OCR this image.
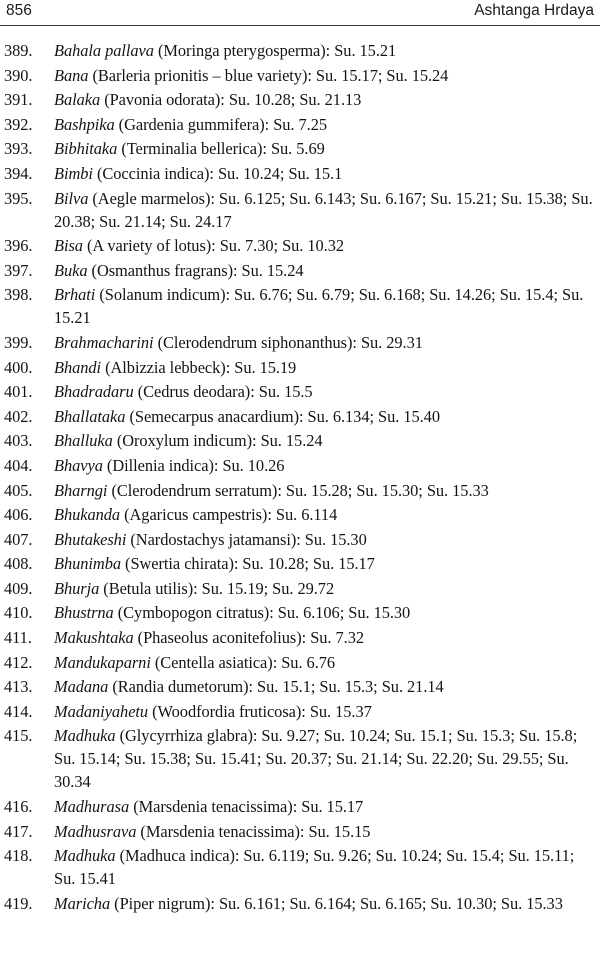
856	Ashtanga Hrdaya
389.	Bahala pallava (Moringa pterygosperma): Su. 15.21
390.	Bana (Barleria prionitis – blue variety): Su. 15.17; Su. 15.24
391.	Balaka (Pavonia odorata): Su. 10.28; Su. 21.13
392.	Bashpika (Gardenia gummifera): Su. 7.25
393.	Bibhitaka (Terminalia bellerica): Su. 5.69
394.	Bimbi (Coccinia indica): Su. 10.24; Su. 15.1
395.	Bilva (Aegle marmelos): Su. 6.125; Su. 6.143; Su. 6.167; Su. 15.21; Su. 15.38; Su. 20.38; Su. 21.14; Su. 24.17
396.	Bisa (A variety of lotus): Su. 7.30; Su. 10.32
397.	Buka (Osmanthus fragrans): Su. 15.24
398.	Brhati (Solanum indicum): Su. 6.76; Su. 6.79; Su. 6.168; Su. 14.26; Su. 15.4; Su. 15.21
399.	Brahmacharini (Clerodendrum siphonanthus): Su. 29.31
400.	Bhandi (Albizzia lebbeck): Su. 15.19
401.	Bhadradaru (Cedrus deodara): Su. 15.5
402.	Bhallataka (Semecarpus anacardium): Su. 6.134; Su. 15.40
403.	Bhalluka (Oroxylum indicum): Su. 15.24
404.	Bhavya (Dillenia indica): Su. 10.26
405.	Bharngi (Clerodendrum serratum): Su. 15.28; Su. 15.30; Su. 15.33
406.	Bhukanda (Agaricus campestris): Su. 6.114
407.	Bhutakeshi (Nardostachys jatamansi): Su. 15.30
408.	Bhunimba (Swertia chirata): Su. 10.28; Su. 15.17
409.	Bhurja (Betula utilis): Su. 15.19; Su. 29.72
410.	Bhustrna (Cymbopogon citratus): Su. 6.106; Su. 15.30
411.	Makushtaka (Phaseolus aconitefolius): Su. 7.32
412.	Mandukaparni (Centella asiatica): Su. 6.76
413.	Madana (Randia dumetorum): Su. 15.1; Su. 15.3; Su. 21.14
414.	Madaniyahetu (Woodfordia fruticosa): Su. 15.37
415.	Madhuka (Glycyrrhiza glabra): Su. 9.27; Su. 10.24; Su. 15.1; Su. 15.3; Su. 15.8; Su. 15.14; Su. 15.38; Su. 15.41; Su. 20.37; Su. 21.14; Su. 22.20; Su. 29.55; Su. 30.34
416.	Madhurasa (Marsdenia tenacissima): Su. 15.17
417.	Madhusrava (Marsdenia tenacissima): Su. 15.15
418.	Madhuka (Madhuca indica): Su. 6.119; Su. 9.26; Su. 10.24; Su. 15.4; Su. 15.11; Su. 15.41
419.	Maricha (Piper nigrum): Su. 6.161; Su. 6.164; Su. 6.165; Su. 10.30; Su. 15.33
